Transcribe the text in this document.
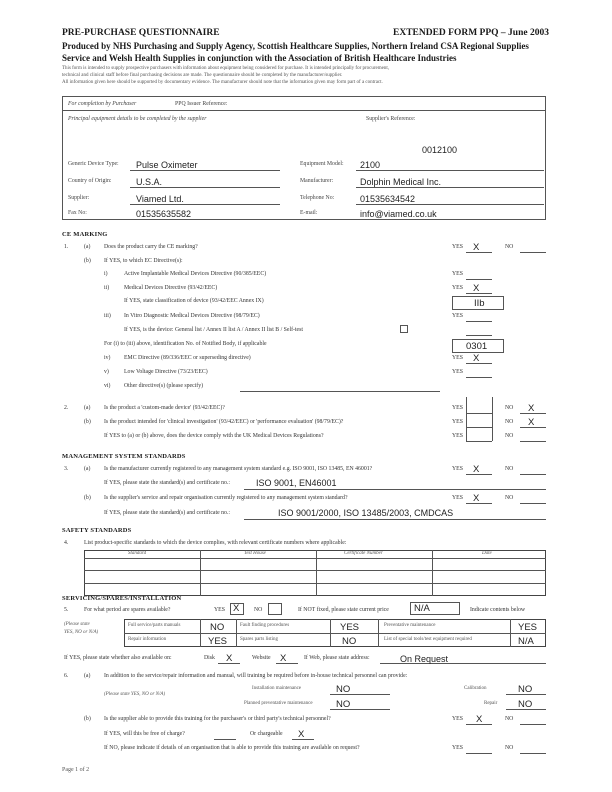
PRE-PURCHASE QUESTIONNAIRE	EXTENDED FORM PPQ – June 2003
Produced by NHS Purchasing and Supply Agency, Scottish Healthcare Supplies, Northern Ireland CSA Regional Supplies
Service and Welsh Health Supplies in conjunction with the Association of British Healthcare Industries
This form is intended to supply prospective purchasers with information about equipment being considered for purchase. It is intended principally for procurement,
technical and clinical staff before final purchasing decisions are made. The questionnaire should be completed by the manufacturer/supplier.
All information given here should be supported by documentary evidence. The manufacturer should note that the information given may form part of a contract.
For completion by Purchaser	PPQ Issuer Reference:
Principal equipment details to be completed by the supplier	Supplier's Reference:
0012100
Generic Device Type: Pulse Oximeter	Equipment Model: 2100
Country of Origin:	U.S.A.	Manufacturer:	Dolphin Medical Inc.
Supplier:	Viamed Ltd.	Telephone No:	01535634542
Fax No:	01535635582	E-mail:	info@viamed.co.uk
CE MARKING
1.	(a) Does the product carry the CE marking?	YES X	NO
(b) If YES, to which EC Directive(s):
i)	Active Implantable Medical Devices Directive (90/385/EEC)	YES
ii)	Medical Devices Directive (93/42/EEC)	YES X
If YES, state classification of device (93/42/EEC Annex IX)	IIb
iii) In Vitro Diagnostic Medical Devices Directive (98/79/EC)	YES
If YES, is the device: General list / Annex II list A / Annex II list B / Self-test
For (i) to (iii) above, identification No. of Notified Body, if applicable	0301
iv) EMC Directive (89/336/EEC or superseding directive)	YES X
v)	Low Voltage Directive (73/23/EEC)	YES
vi) Other directive(s) (please specify)
2.	(a) Is the product a 'custom-made device' (93/42/EEC)?	YES	NO X
(b) Is the product intended for 'clinical investigation' (93/42/EEC) or 'performance evaluation' (98/79/EC)?	YES	NO X
If YES to (a) or (b) above, does the device comply with the UK Medical Devices Regulations?	YES	NO
MANAGEMENT SYSTEM STANDARDS
3.	(a) Is the manufacturer currently registered to any management system standard e.g. ISO 9001, ISO 13485, EN 46001?	YES X	NO
If YES, please state the standard(s) and certificate no.:	ISO 9001, EN46001
(b) Is the supplier's service and repair organisation currently registered to any management system standard?	YES X	NO
If YES, please state the standard(s) and certificate no.:	ISO 9001/2000, ISO 13485/2003, CMDCAS
SAFETY STANDARDS
4.	List product-specific standards to which the device complies, with relevant certificate numbers where applicable:
Standard	Test House	Certificate Number	Date
SERVICING/SPARES/INSTALLATION
5.	For what period are spares available?	YES X	NO	If NOT fixed, please state current price	N/A	Indicate contents below
(Please state
YES, NO or N/A)
Full service/parts manuals	NO	Fault finding procedures	YES	Preventative maintenance	YES
Repair information	YES	Spares parts listing	NO	List of special tools/test equipment required	N/A
If YES, please state whether also available on:	Disk X	Website X	If Web, please state address:	On Request
6.	(a) In addition to the service/repair information and manual, will training be required before in-house technical personnel can provide:
(Please state YES, NO or N/A)
Installation maintenance	NO	Calibration	NO
Planned preventative maintenance NO	Repair NO
(b) Is the supplier able to provide this training for the purchaser's or third party's technical personnel?	YES X	NO
If YES, will this be free of charge?	Or chargeable X
If NO, please indicate if details of an organisation that is able to provide this training are available on request?	YES	NO
Page 1 of 2
